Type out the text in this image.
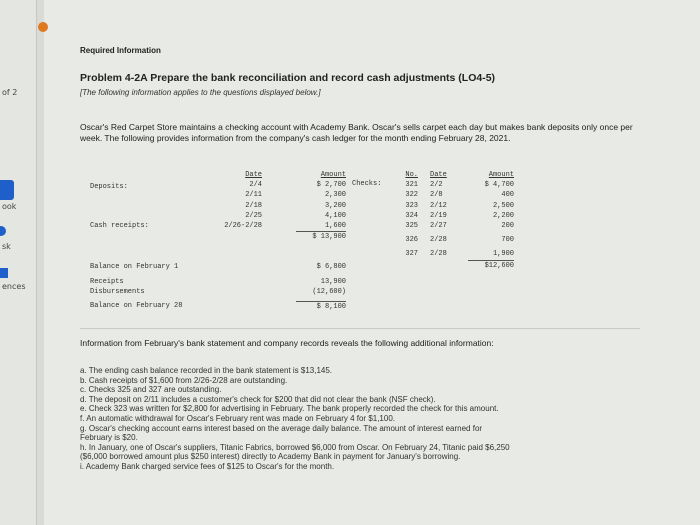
of 2
ook
sk
ences
Required Information
Problem 4-2A Prepare the bank reconciliation and record cash adjustments (LO4-5)
[The following information applies to the questions displayed below.]
Oscar's Red Carpet Store maintains a checking account with Academy Bank. Oscar's sells carpet each day but makes bank deposits only once per week. The following provides information from the company's cash ledger for the month ending February 28, 2021.
Deposits:
Cash receipts:
Date
2/4
2/11
2/18
2/25
2/26-2/28
Amount
$ 2,700
2,300
3,200
4,100
1,600
$ 13,900
Checks:
No.
321
322
323
324
325
326
327
Date
2/2
2/8
2/12
2/19
2/27
2/28
2/28
Amount
$ 4,700
400
2,500
2,200
200
700
1,900
$12,600
Balance on February 1
Receipts
Disbursements
Balance on February 28
$ 6,800
13,900
(12,600)
$ 8,100
Information from February's bank statement and company records reveals the following additional information:
a. The ending cash balance recorded in the bank statement is $13,145.
b. Cash receipts of $1,600 from 2/26-2/28 are outstanding.
c. Checks 325 and 327 are outstanding.
d. The deposit on 2/11 includes a customer's check for $200 that did not clear the bank (NSF check).
e. Check 323 was written for $2,800 for advertising in February. The bank properly recorded the check for this amount.
f. An automatic withdrawal for Oscar's February rent was made on February 4 for $1,100.
g. Oscar's checking account earns interest based on the average daily balance. The amount of interest earned for
February is $20.
h. In January, one of Oscar's suppliers, Titanic Fabrics, borrowed $6,000 from Oscar. On February 24, Titanic paid $6,250
($6,000 borrowed amount plus $250 interest) directly to Academy Bank in payment for January's borrowing.
i. Academy Bank charged service fees of $125 to Oscar's for the month.
